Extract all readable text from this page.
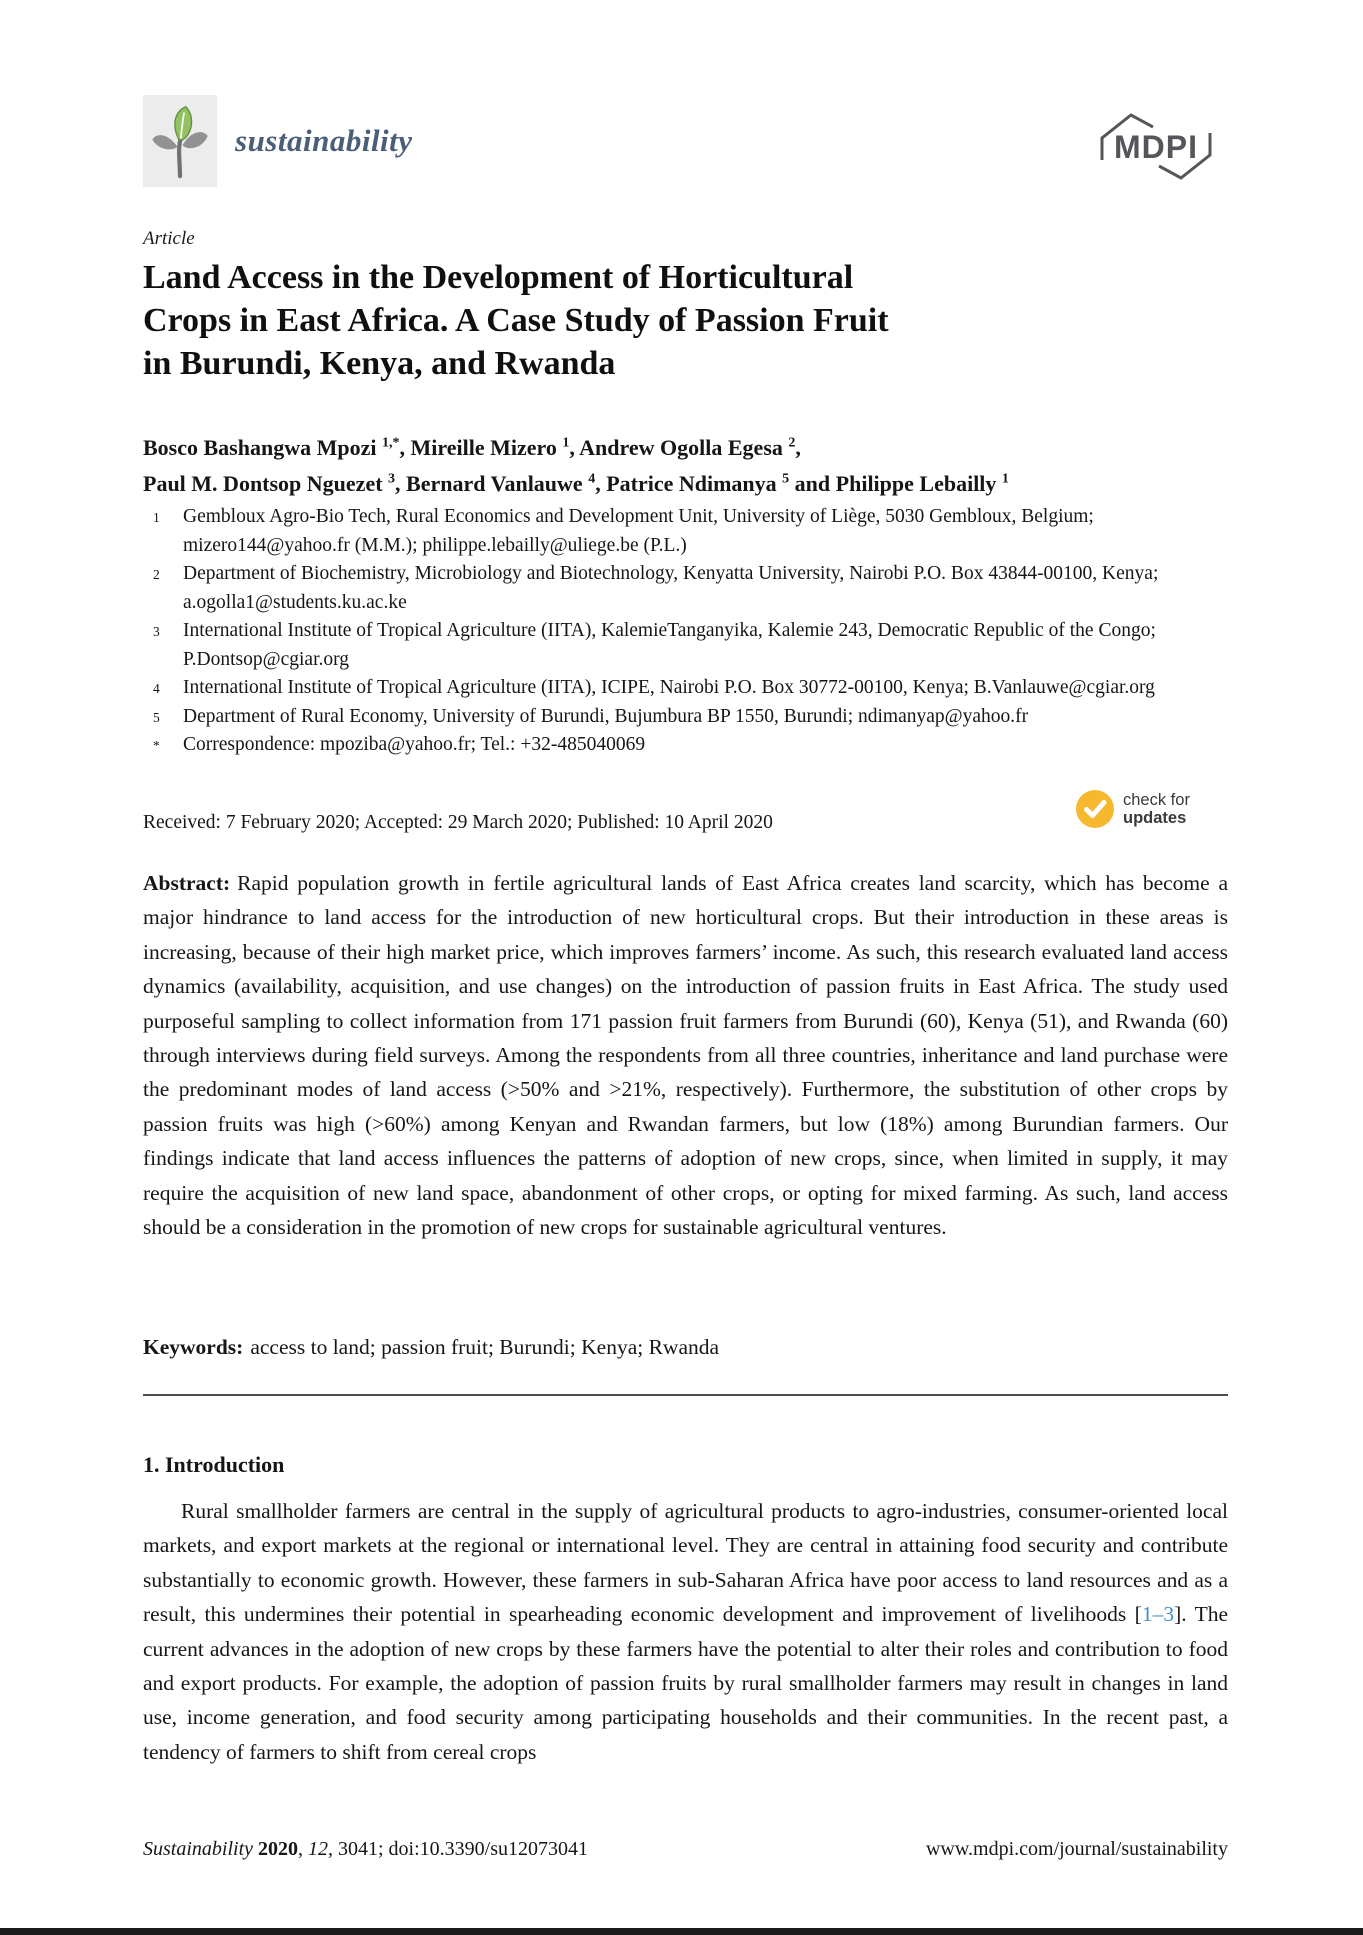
sustainability	MDPI
Article
Land Access in the Development of Horticultural
Crops in East Africa. A Case Study of Passion Fruit
in Burundi, Kenya, and Rwanda
Bosco Bashangwa Mpozi $^{1,*}$, Mireille Mizero $^1$, Andrew Ogolla Egesa $^2$,
Paul M. Dontsop Nguezet $^3$, Bernard Vanlauwe $^4$, Patrice Ndimanya $^5$ and Philippe Lebailly $^1$
1 Gembloux Agro-Bio Tech, Rural Economics and Development Unit, University of Liège, 5030 Gembloux, Belgium; mizero144@yahoo.fr (M.M.); philippe.lebailly@uliege.be (P.L.)
2 Department of Biochemistry, Microbiology and Biotechnology, Kenyatta University, Nairobi P.O. Box 43844-00100, Kenya; a.ogolla1@students.ku.ac.ke
3 International Institute of Tropical Agriculture (IITA), KalemieTanganyika, Kalemie 243, Democratic Republic of the Congo; P.Dontsop@cgiar.org
4 International Institute of Tropical Agriculture (IITA), ICIPE, Nairobi P.O. Box 30772-00100, Kenya; B.Vanlauwe@cgiar.org
5 Department of Rural Economy, University of Burundi, Bujumbura BP 1550, Burundi; ndimanyap@yahoo.fr
* Correspondence: mpoziba@yahoo.fr; Tel.: +32-485040069
Received: 7 February 2020; Accepted: 29 March 2020; Published: 10 April 2020
check for
updates

Abstract: Rapid population growth in fertile agricultural lands of East Africa creates land scarcity, which has become a major hindrance to land access for the introduction of new horticultural crops. But their introduction in these areas is increasing, because of their high market price, which improves farmers’ income. As such, this research evaluated land access dynamics (availability, acquisition, and use changes) on the introduction of passion fruits in East Africa. The study used purposeful sampling to collect information from 171 passion fruit farmers from Burundi (60), Kenya (51), and Rwanda (60) through interviews during field surveys. Among the respondents from all three countries, inheritance and land purchase were the predominant modes of land access (>50% and >21%, respectively). Furthermore, the substitution of other crops by passion fruits was high (>60%) among Kenyan and Rwandan farmers, but low (18%) among Burundian farmers. Our findings indicate that land access influences the patterns of adoption of new crops, since, when limited in supply, it may require the acquisition of new land space, abandonment of other crops, or opting for mixed farming. As such, land access should be a consideration in the promotion of new crops for sustainable agricultural ventures.

Keywords: access to land; passion fruit; Burundi; Kenya; Rwanda

1. Introduction

Rural smallholder farmers are central in the supply of agricultural products to agro-industries, consumer-oriented local markets, and export markets at the regional or international level. They are central in attaining food security and contribute substantially to economic growth. However, these farmers in sub-Saharan Africa have poor access to land resources and as a result, this undermines their potential in spearheading economic development and improvement of livelihoods [1–3]. The current advances in the adoption of new crops by these farmers have the potential to alter their roles and contribution to food and export products. For example, the adoption of passion fruits by rural smallholder farmers may result in changes in land use, income generation, and food security among participating households and their communities. In the recent past, a tendency of farmers to shift from cereal crops

Sustainability 2020, 12, 3041; doi:10.3390/su12073041	www.mdpi.com/journal/sustainability
